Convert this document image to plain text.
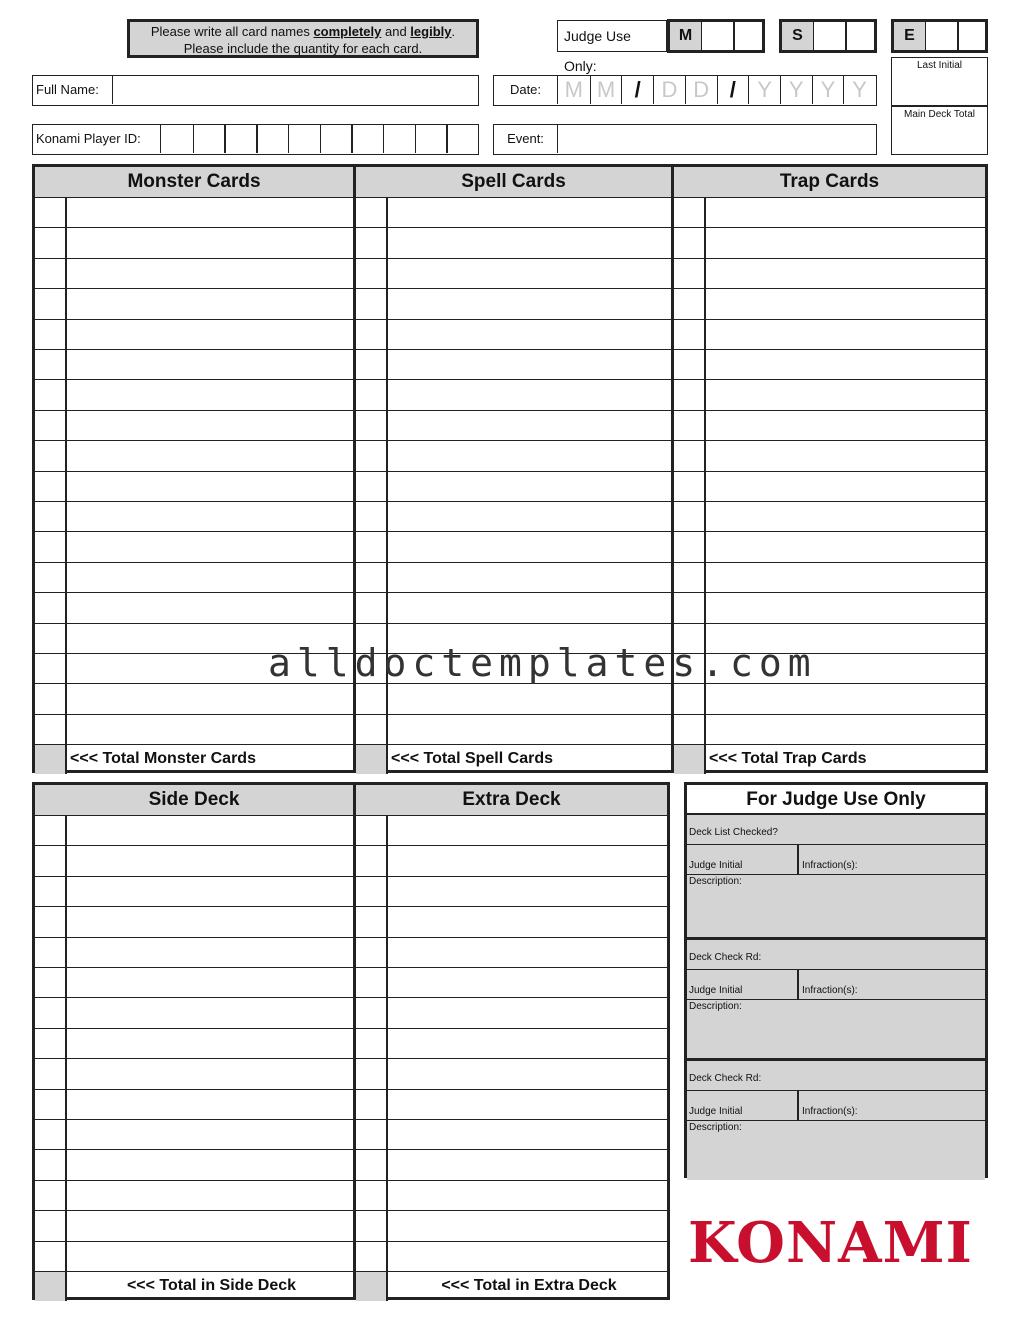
Please write all card names completely and legibly.
Please include the quantity for each card.
Judge Use Only:
M	S	E
Last Initial
Main Deck Total
Full Name:	Date:	M M / D D / Y Y Y Y
Konami Player ID:	Event:
Monster Cards
<<< Total Monster Cards
Spell Cards
<<< Total Spell Cards
Trap Cards
<<< Total Trap Cards
Side Deck
<<< Total in Side Deck
Extra Deck
<<< Total in Extra Deck
For Judge Use Only
Deck List Checked?
Judge Initial	Infraction(s):
Description:
Deck Check Rd:
Judge Initial	Infraction(s):
Description:
Deck Check Rd:
Judge Initial	Infraction(s):
Description:
alldoctemplates.com
KONAMI
